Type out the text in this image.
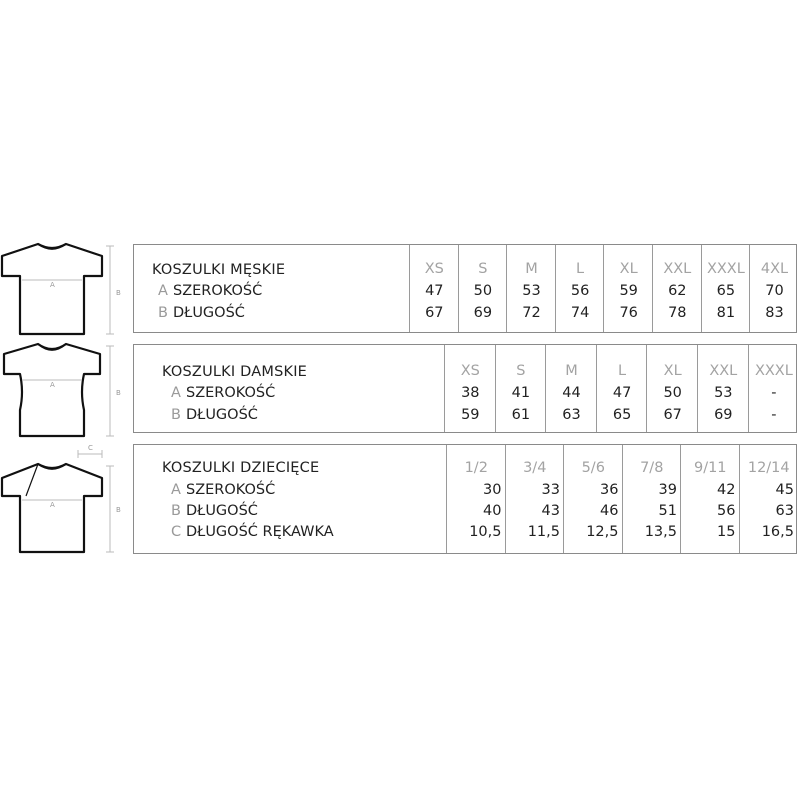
A
B
KOSZULKI MĘSKIE
A SZEROKOŚĆ
B DŁUGOŚĆ
XS
47
67
S
50
69
M
53
72
L
56
74
XL
59
76
XXL
62
78
XXXL
65
81
4XL
70
83
A
B
KOSZULKI DAMSKIE
A SZEROKOŚĆ
B DŁUGOŚĆ
XS
38
59
S
41
61
M
44
63
L
47
65
XL
50
67
XXL
53
69
XXXL
-
-
C
A
B
KOSZULKI DZIECIĘCE
A SZEROKOŚĆ
B DŁUGOŚĆ
C DŁUGOŚĆ RĘKAWKA
1/2
30
40
10,5
3/4
33
43
11,5
5/6
36
46
12,5
7/8
39
51
13,5
9/11
42
56
15
12/14
45
63
16,5
